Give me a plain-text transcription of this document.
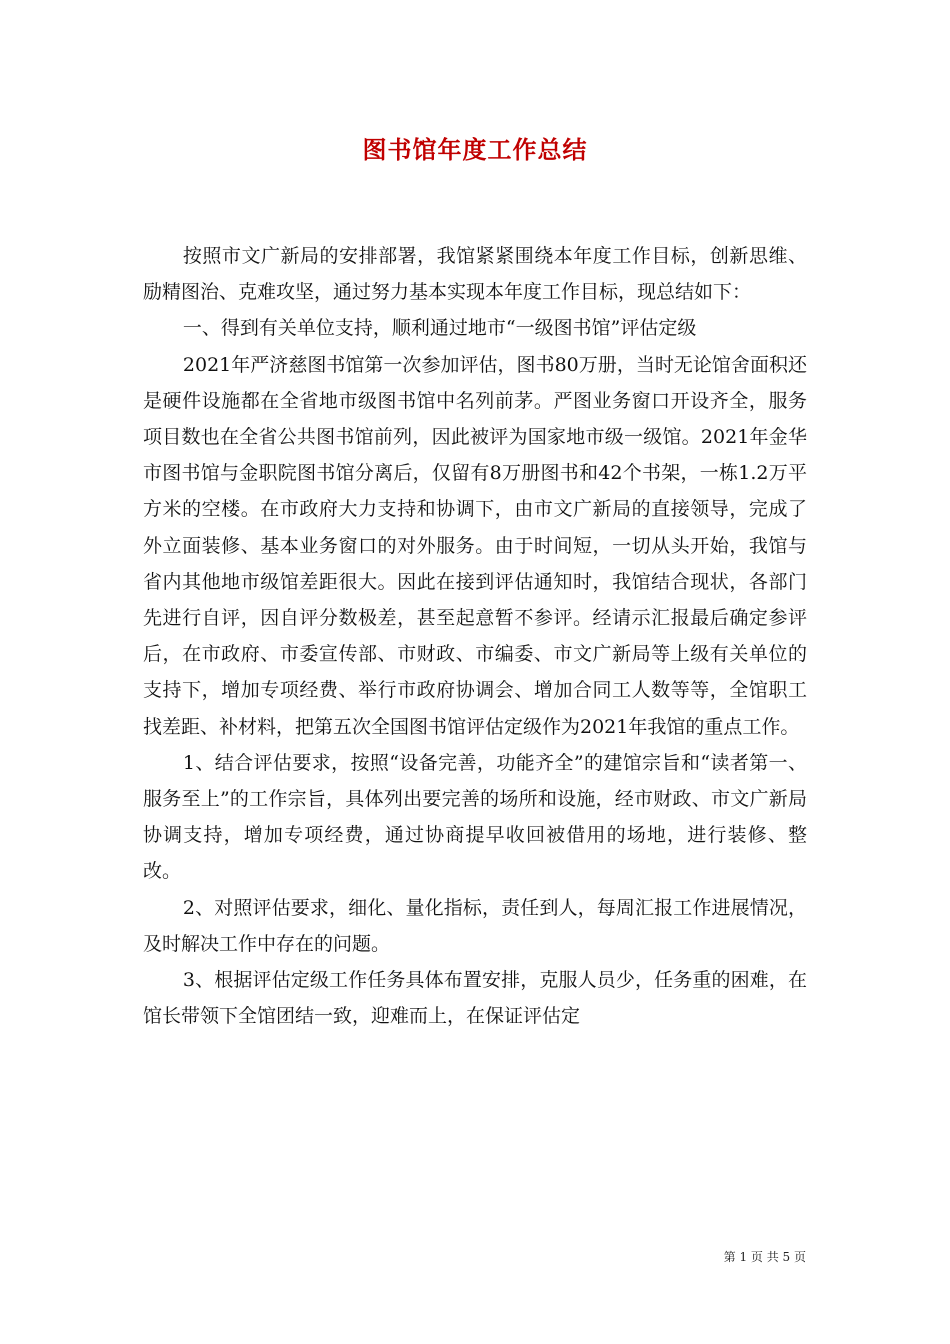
图书馆年度工作总结

按照市文广新局的安排部署，我馆紧紧围绕本年度工作目标，创新思维、励精图治、克难攻坚，通过努力基本实现本年度工作目标，现总结如下：

一、得到有关单位支持，顺利通过地市“一级图书馆”评估定级

2021年严济慈图书馆第一次参加评估，图书80万册，当时无论馆舍面积还是硬件设施都在全省地市级图书馆中名列前茅。严图业务窗口开设齐全，服务项目数也在全省公共图书馆前列，因此被评为国家地市级一级馆。2021年金华市图书馆与金职院图书馆分离后，仅留有8万册图书和42个书架，一栋1.2万平方米的空楼。在市政府大力支持和协调下，由市文广新局的直接领导，完成了外立面装修、基本业务窗口的对外服务。由于时间短，一切从头开始，我馆与省内其他地市级馆差距很大。因此在接到评估通知时，我馆结合现状，各部门先进行自评，因自评分数极差，甚至起意暂不参评。经请示汇报最后确定参评后，在市政府、市委宣传部、市财政、市编委、市文广新局等上级有关单位的支持下，增加专项经费、举行市政府协调会、增加合同工人数等等，全馆职工找差距、补材料，把第五次全国图书馆评估定级作为2021年我馆的重点工作。

1、结合评估要求，按照“设备完善，功能齐全”的建馆宗旨和“读者第一、服务至上”的工作宗旨，具体列出要完善的场所和设施，经市财政、市文广新局协调支持，增加专项经费，通过协商提早收回被借用的场地，进行装修、整改。

2、对照评估要求，细化、量化指标，责任到人，每周汇报工作进展情况，及时解决工作中存在的问题。

3、根据评估定级工作任务具体布置安排，克服人员少，任务重的困难，在馆长带领下全馆团结一致，迎难而上，在保证评估定

第 1 页 共 5 页
